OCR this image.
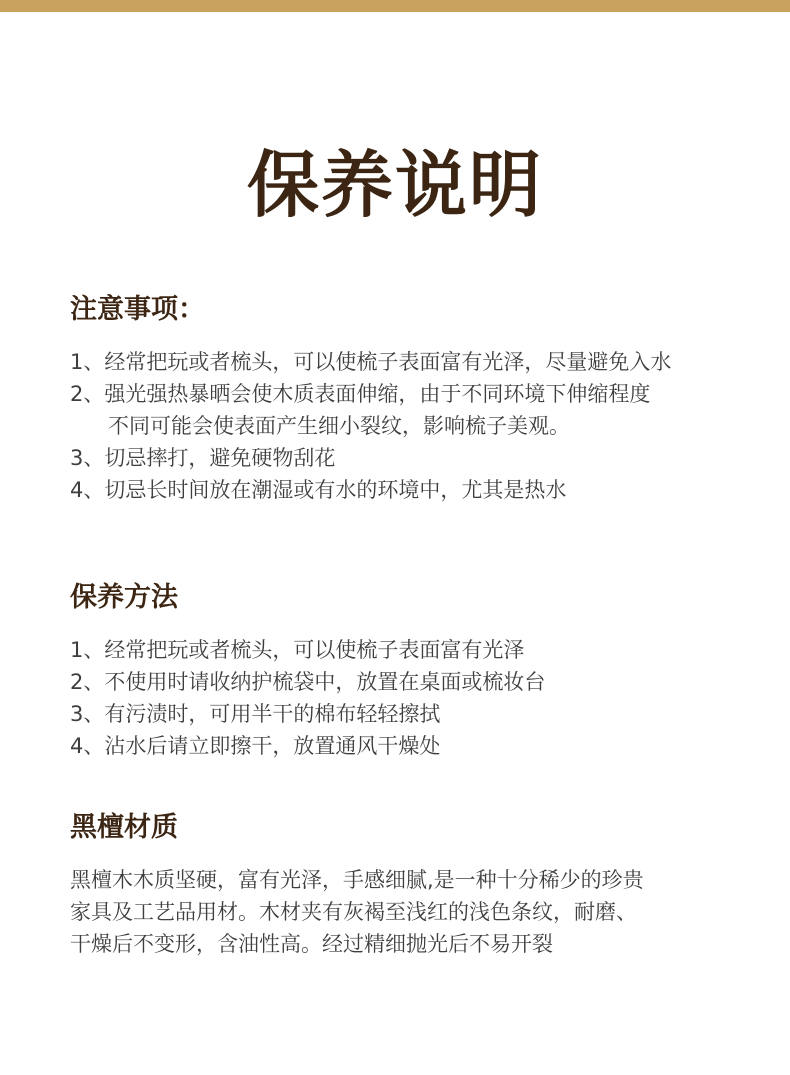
保养说明
注意事项：
1、经常把玩或者梳头，可以使梳子表面富有光泽，尽量避免入水
2、强光强热暴晒会使木质表面伸缩，由于不同环境下伸缩程度
不同可能会使表面产生细小裂纹，影响梳子美观。
3、切忌摔打，避免硬物刮花
4、切忌长时间放在潮湿或有水的环境中，尤其是热水
保养方法
1、经常把玩或者梳头，可以使梳子表面富有光泽
2、不使用时请收纳护梳袋中，放置在桌面或梳妆台
3、有污渍时，可用半干的棉布轻轻擦拭
4、沾水后请立即擦干，放置通风干燥处
黑檀材质

黑檀木木质坚硬，富有光泽，手感细腻,是一种十分稀少的珍贵

家具及工艺品用材。木材夹有灰褐至浅红的浅色条纹，耐磨、

干燥后不变形，含油性高。经过精细抛光后不易开裂
